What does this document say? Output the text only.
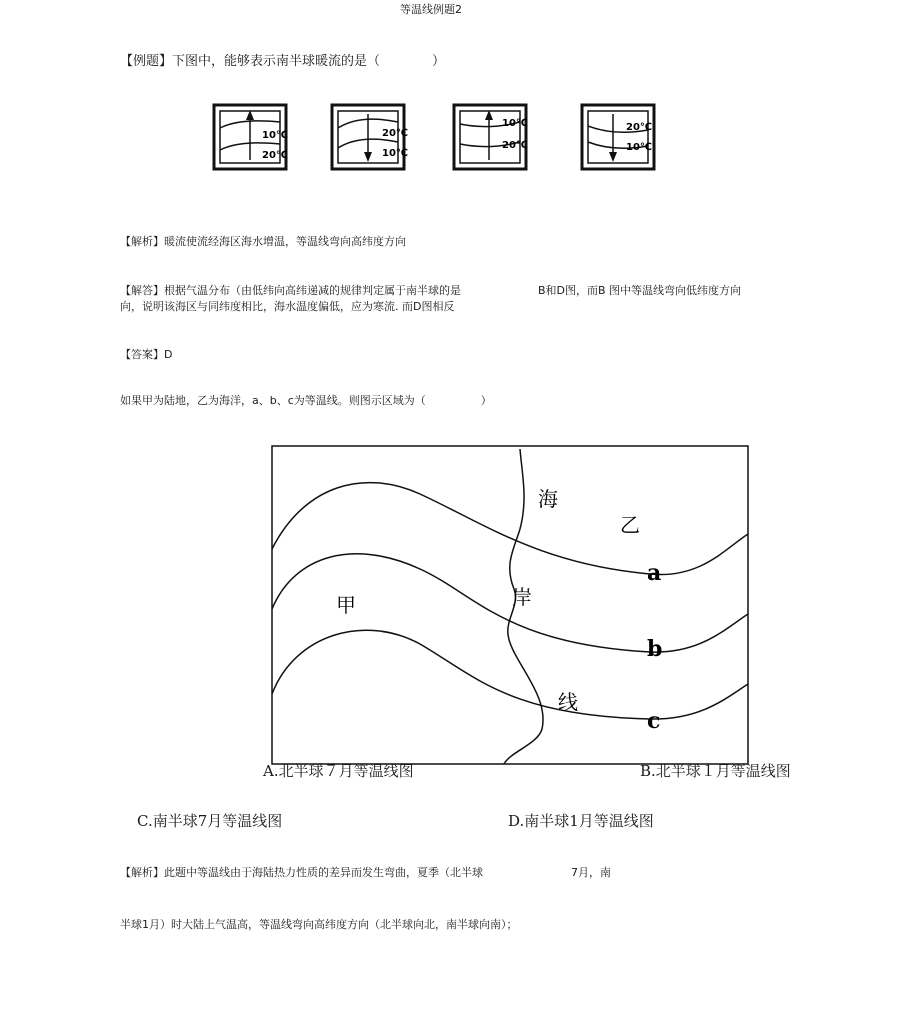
等温线例题2
【例题】下图中，能够表示南半球暖流的是（　　　　）
10℃
20℃
20℃
10℃
10℃
20℃
20℃
10℃
【解析】暖流使流经海区海水增温，等温线弯向高纬度方向
【解答】根据气温分布（由低纬向高纬递减的规律判定属于南半球的是	B和D图，而B 图中等温线弯向低纬度方向
向，说明该海区与同纬度相比，海水温度偏低，应为寒流. 而D图相反
【答案】D
如果甲为陆地，乙为海洋，a、b、c为等温线。则图示区域为（　　　　　）
海
乙
甲	岸
线
a
b
c
A.北半球７月等温线图	B.北半球１月等温线图
C.南半球7月等温线图	D.南半球1月等温线图
【解析】此题中等温线由于海陆热力性质的差异而发生弯曲，夏季（北半球	7月，南
半球1月）时大陆上气温高，等温线弯向高纬度方向（北半球向北，南半球向南）；
